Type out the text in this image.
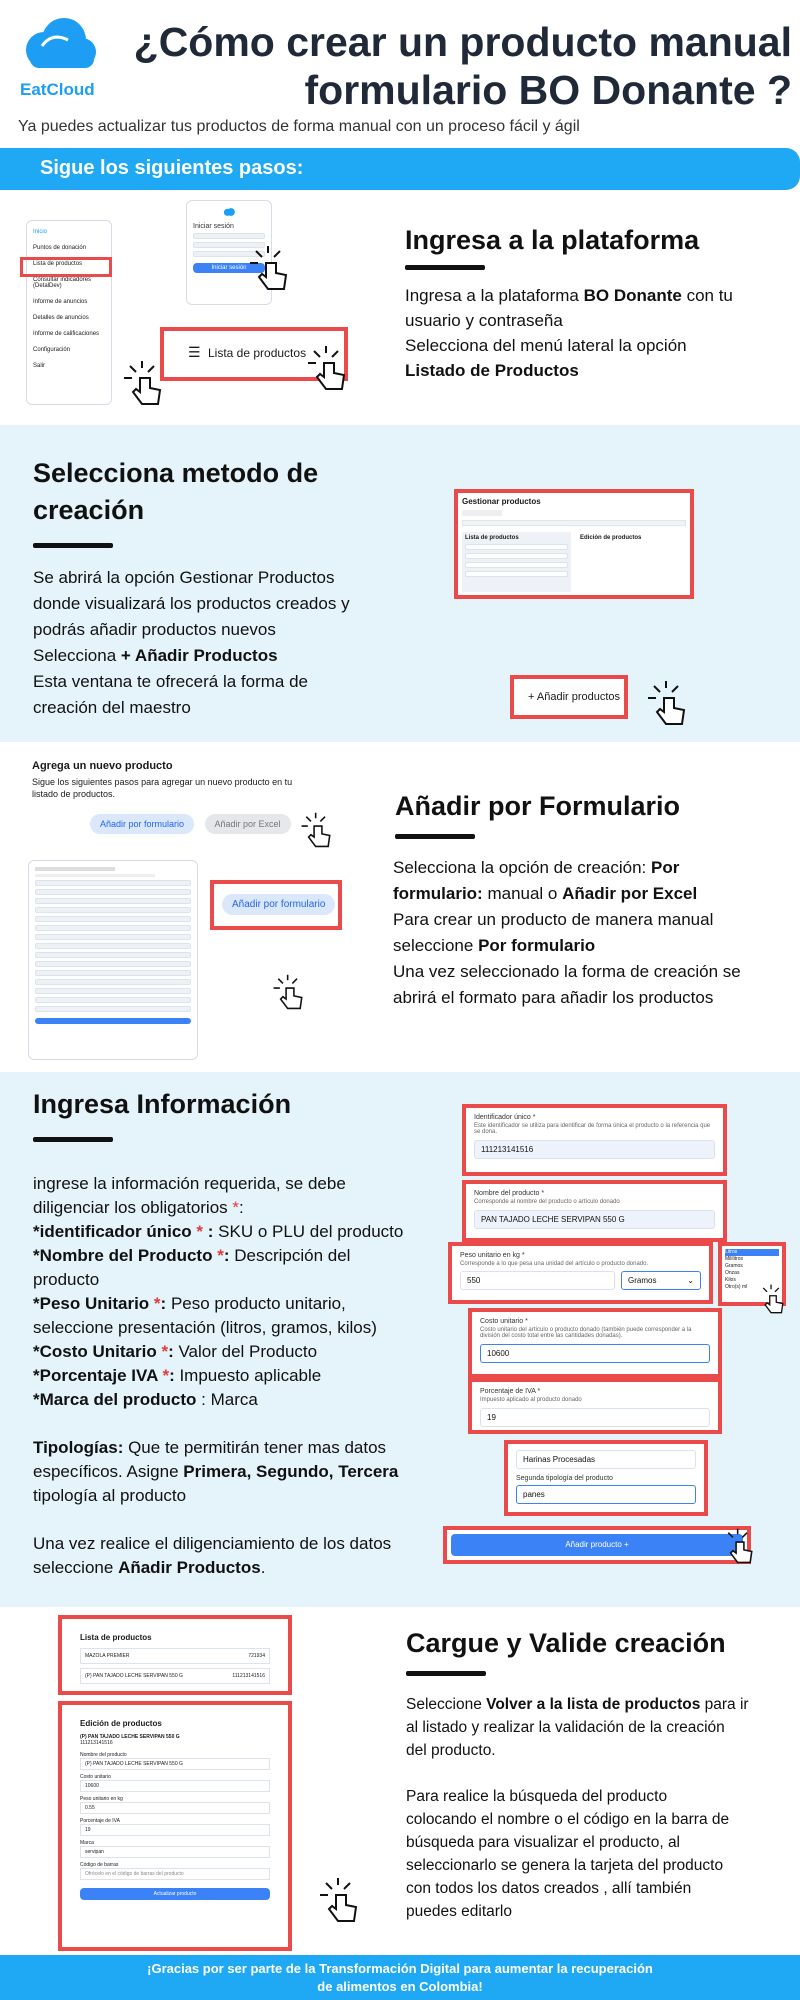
EatCloud
¿Cómo crear un producto manual
formulario BO Donante ?
Ya puedes actualizar tus productos de forma manual con un proceso fácil y ágil
Sigue los siguientes pasos:
Inicio
Puntos de donación
Lista de productos
Consultar indicadores (DetalDev)
Informe de anuncios
Detalles de anuncios
Informe de calificaciones
Configuración
Salir
Iniciar sesión
Iniciar sesión
☰ Lista de productos
Ingresa a la plataforma
Ingresa a la plataforma BO Donante con tu usuario y contraseña
Selecciona del menú lateral la opción
Listado de Productos
Selecciona metodo de
creación
Se abrirá la opción Gestionar Productos
donde visualizará los productos creados y
podrás añadir productos nuevos
Selecciona + Añadir Productos
Esta ventana te ofrecerá la forma de
creación del maestro
Gestionar productos
Lista de productos	Edición de productos
+ Añadir productos
Agrega un nuevo producto
Sigue los siguientes pasos para agregar un nuevo producto en tu listado de productos.
Añadir por formulario	Añadir por Excel
Añadir por formulario
Añadir por Formulario
Selecciona la opción de creación: Por
formulario: manual o Añadir por Excel
Para crear un producto de manera manual
seleccione Por formulario
Una vez seleccionado la forma de creación se
abrirá el formato para añadir los productos
Ingresa Información
ingrese la información requerida, se debe
diligenciar los obligatorios *:
*identificador único * : SKU o PLU del producto
*Nombre del Producto *: Descripción del
producto
*Peso Unitario *: Peso producto unitario,
seleccione presentación (litros, gramos, kilos)
*Costo Unitario *: Valor del Producto
*Porcentaje IVA *: Impuesto aplicable
*Marca del producto : Marca
Tipologías: Que te permitirán tener mas datos
específicos. Asigne Primera, Segundo, Tercera
tipología al producto
Una vez realice el diligenciamiento de los datos
seleccione Añadir Productos.
Identificador único *
Este identificador se utiliza para identificar de forma única el producto o la referencia que se dona.
111213141516
Nombre del producto *
Corresponde al nombre del producto o artículo donado
PAN TAJADO LECHE SERVIPAN 550 G
Peso unitario en kg *
Corresponde a lo que pesa una unidad del artículo o producto donado.
550	Gramos	⌄
Litros
Mililitros
Gramos
Onzas
Kilos
Otro(s) ml
Costo unitario *
Costo unitario del artículo o producto donado (también puede corresponder a la división del costo total entre las cantidades donadas).
10600
Porcentaje de IVA *
Impuesto aplicado al producto donado
19
Harinas Procesadas
Segunda tipología del producto
panes
Añadir producto +
Lista de productos
MAZOLA PREMIER	721934
(P) PAN TAJADO LECHE SERVIPAN 550 G	111213141516
Edición de productos
(P) PAN TAJADO LECHE SERVIPAN 550 G
111213141516
Nombre del producto
(P) PAN TAJADO LECHE SERVIPAN 550 G
Costo unitario
10600
Peso unitario en kg
0.55
Porcentaje de IVA
19
Marca
servipan
Código de barras
Ofrécelo en el código de barras del producto
Actualizar producto
Cargue y Valide creación
Seleccione Volver a la lista de productos para ir
al listado y realizar la validación de la creación
del producto.
Para realice la búsqueda del producto
colocando el nombre o el código en la barra de
búsqueda para visualizar el producto, al
seleccionarlo se genera la tarjeta del producto
con todos los datos creados , allí también
puedes editarlo
¡Gracias por ser parte de la Transformación Digital para aumentar la recuperación
de alimentos en Colombia!
